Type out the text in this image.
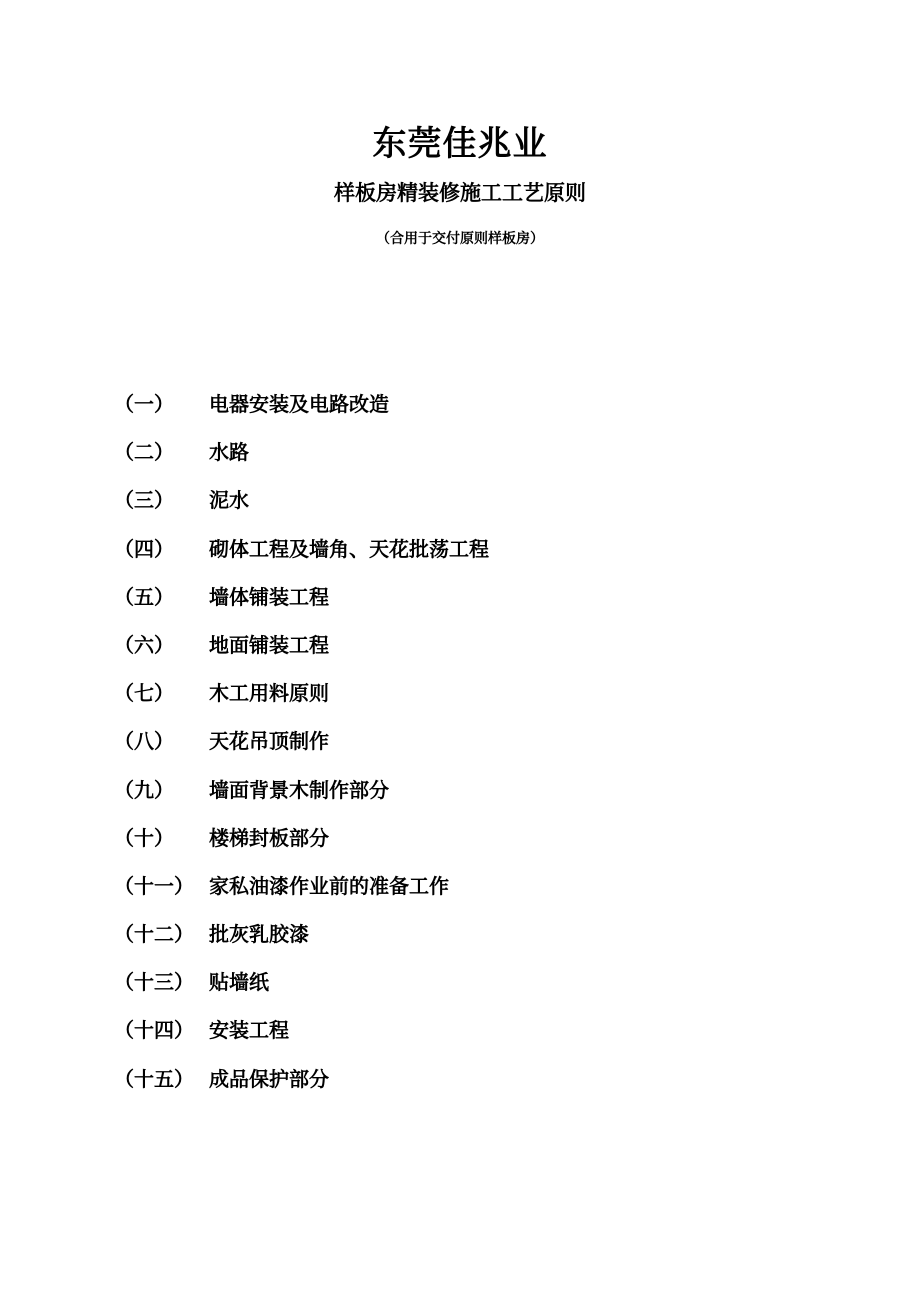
东莞佳兆业
样板房精装修施工工艺原则
（合用于交付原则样板房）
（一）	电器安装及电路改造
（二）	水路
（三）	泥水
（四）	砌体工程及墙角、天花批荡工程
（五）	墙体铺装工程
（六）	地面铺装工程
（七）	木工用料原则
（八）	天花吊顶制作
（九）	墙面背景木制作部分
（十）	楼梯封板部分
（十一） 家私油漆作业前的准备工作
（十二） 批灰乳胶漆
（十三） 贴墙纸
（十四） 安装工程
（十五） 成品保护部分
